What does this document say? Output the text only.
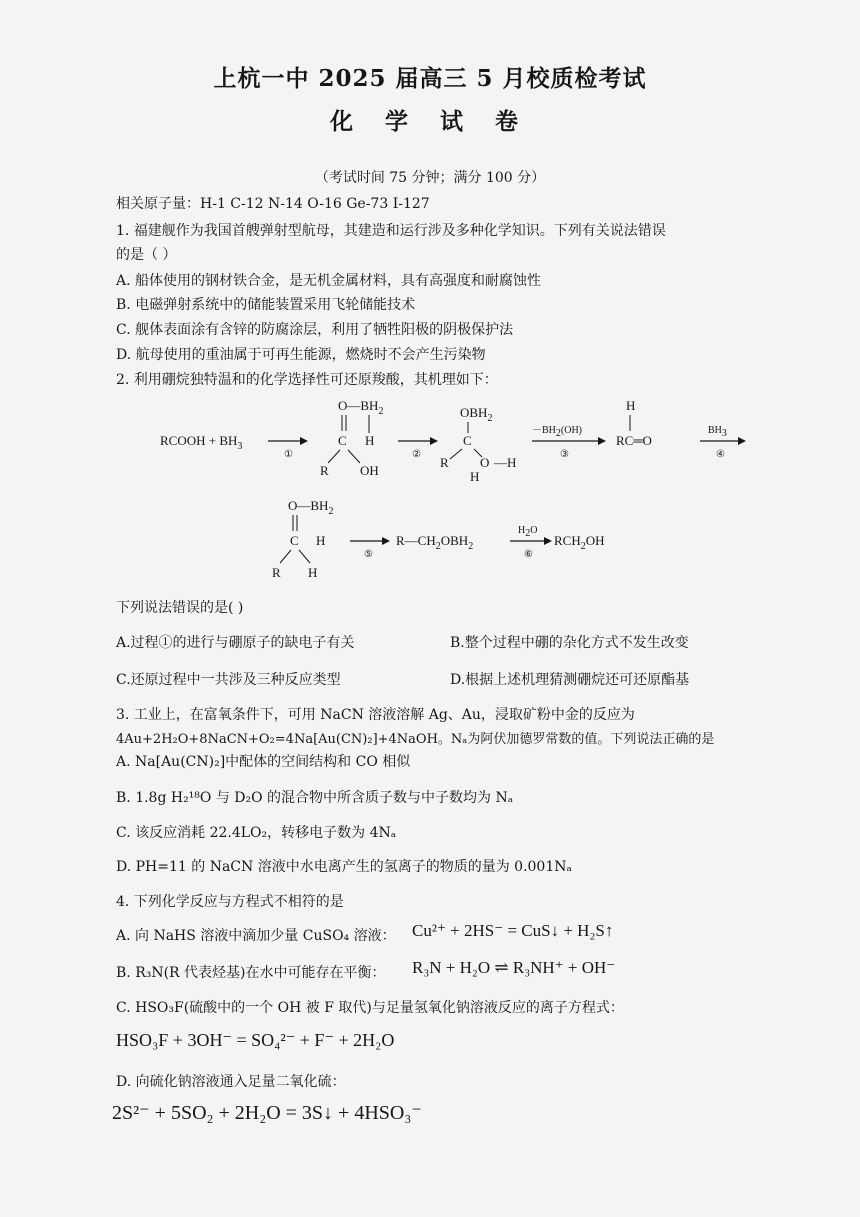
上杭一中 2025 届高三 5 月校质检考试
化 学 试 卷
（考试时间 75 分钟；满分 100 分）
相关原子量：H-1 C-12 N-14 O-16 Ge-73 I-127
1. 福建舰作为我国首艘弹射型航母，其建造和运行涉及多种化学知识。下列有关说法错误
的是（ ）
A. 船体使用的钢材铁合金，是无机金属材料，具有高强度和耐腐蚀性
B. 电磁弹射系统中的储能装置采用飞轮储能技术
C. 舰体表面涂有含锌的防腐涂层，利用了牺牲阳极的阴极保护法
D. 航母使用的重油属于可再生能源，燃烧时不会产生污染物
2. 利用硼烷独特温和的化学选择性可还原羧酸，其机理如下：
RCOOH + $BH_3$
①
$O—BH_2$
C H
R OH
②
$OBH_2$
C
R O
H
—H
－BH2(OH)
③
H
RC═O
BH3
④
$O—BH_2$
C H
R H
⑤
$R—CH_2OBH_2$
H2O
⑥
$RCH_2OH$
下列说法错误的是( )
A.过程①的进行与硼原子的缺电子有关	B.整个过程中硼的杂化方式不发生改变
C.还原过程中一共涉及三种反应类型	D.根据上述机理猜测硼烷还可还原酯基
3. 工业上，在富氧条件下，可用 NaCN 溶液溶解 Ag、Au，浸取矿粉中金的反应为
4Au+2H₂O+8NaCN+O₂=4Na[Au(CN)₂]+4NaOH。Nₐ为阿伏加德罗常数的值。下列说法正确的是
A. Na[Au(CN)₂]中配体的空间结构和 CO 相似
B. 1.8g H₂¹⁸O 与 D₂O 的混合物中所含质子数与中子数均为 Nₐ
C. 该反应消耗 22.4LO₂，转移电子数为 4Nₐ
D. PH=11 的 NaCN 溶液中水电离产生的氢离子的物质的量为 0.001Nₐ
4. 下列化学反应与方程式不相符的是
A. 向 NaHS 溶液中滴加少量 CuSO₄ 溶液： Cu²⁺ + 2HS⁻ = CuS↓ + H₂S↑
B. R₃N(R 代表烃基)在水中可能存在平衡： R₃N + H₂O ⇌ R₃NH⁺ + OH⁻
C. HSO₃F(硫酸中的一个 OH 被 F 取代)与足量氢氧化钠溶液反应的离子方程式：
HSO₃F + 3OH⁻ = SO₄²⁻ + F⁻ + 2H₂O
D. 向硫化钠溶液通入足量二氧化硫：
2S²⁻ + 5SO₂ + 2H₂O = 3S↓ + 4HSO₃⁻
